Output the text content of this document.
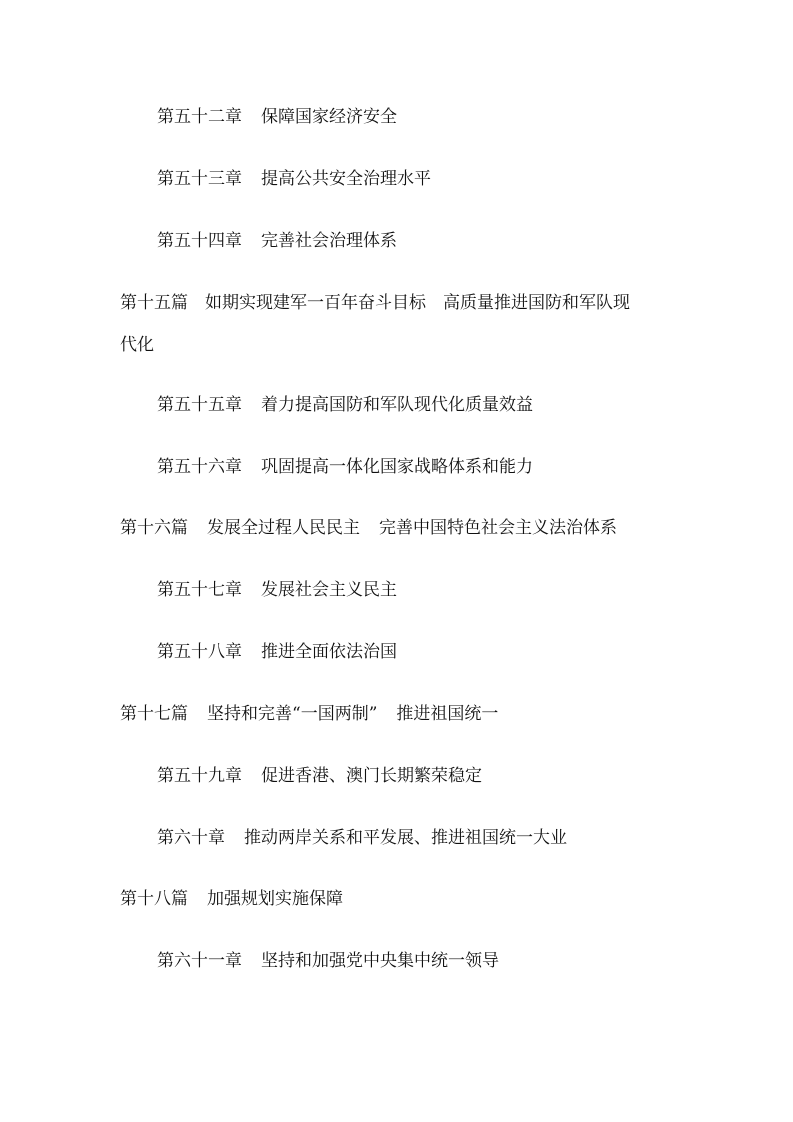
第五十二章 保障国家经济安全
第五十三章 提高公共安全治理水平
第五十四章 完善社会治理体系
第十五篇 如期实现建军一百年奋斗目标 高质量推进国防和军队现
代化
第五十五章 着力提高国防和军队现代化质量效益
第五十六章 巩固提高一体化国家战略体系和能力
第十六篇 发展全过程人民民主 完善中国特色社会主义法治体系
第五十七章 发展社会主义民主
第五十八章 推进全面依法治国
第十七篇 坚持和完善“一国两制” 推进祖国统一
第五十九章 促进香港、澳门长期繁荣稳定
第六十章 推动两岸关系和平发展、推进祖国统一大业
第十八篇 加强规划实施保障
第六十一章 坚持和加强党中央集中统一领导
